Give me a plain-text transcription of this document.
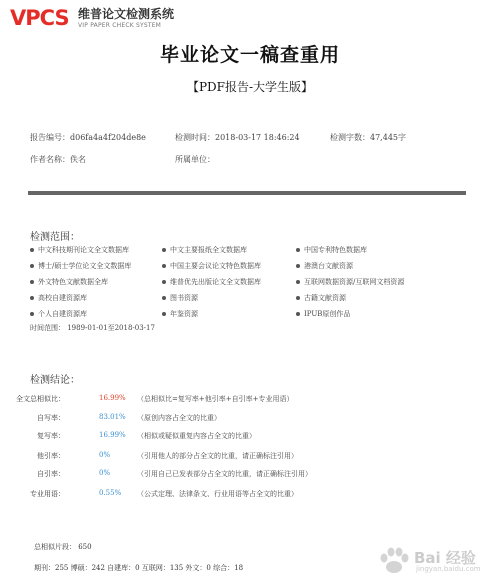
VPCS 维普论文检测系统
VIP PAPER CHECK SYSTEM
毕业论文一稿查重用
【PDF报告-大学生版】
报告编号：d06fa4a4f204de8e	检测时间：2018-03-17 18:46:24	检测字数：47,445字
作者名称：佚名	所属单位：
检测范围：
中文科技期刊论文全文数据库	中文主要报纸全文数据库	中国专利特色数据库
博士/硕士学位论文全文数据库	中国主要会议论文特色数据库	港澳台文献资源
外文特色文献数据全库	维普优先出版论文全文数据库	互联网数据资源/互联网文档资源
高校自建资源库	图书资源	古籍文献资源
个人自建资源库	年鉴资源	IPUB原创作品
时间范围： 1989-01-01至2018-03-17
检测结论：
全文总相似比：	16.99% （总相似比=复写率+他引率+自引率+专业用语）
自写率：	83.01% （原创内容占全文的比重）
复写率：	16.99% （相似或疑似重复内容占全文的比重）
他引率：	0%	（引用他人的部分占全文的比重，请正确标注引用）
自引率：	0%	（引用自己已发表部分占全文的比重，请正确标注引用）
专业用语：	0.55% （公式定理、法律条文、行业用语等占全文的比重）
总相似片段： 650
期刊：255 博硕：242 自建库：0 互联网：135 外文：0 综合：18
Bai 经验
jingyan.baidu.com
